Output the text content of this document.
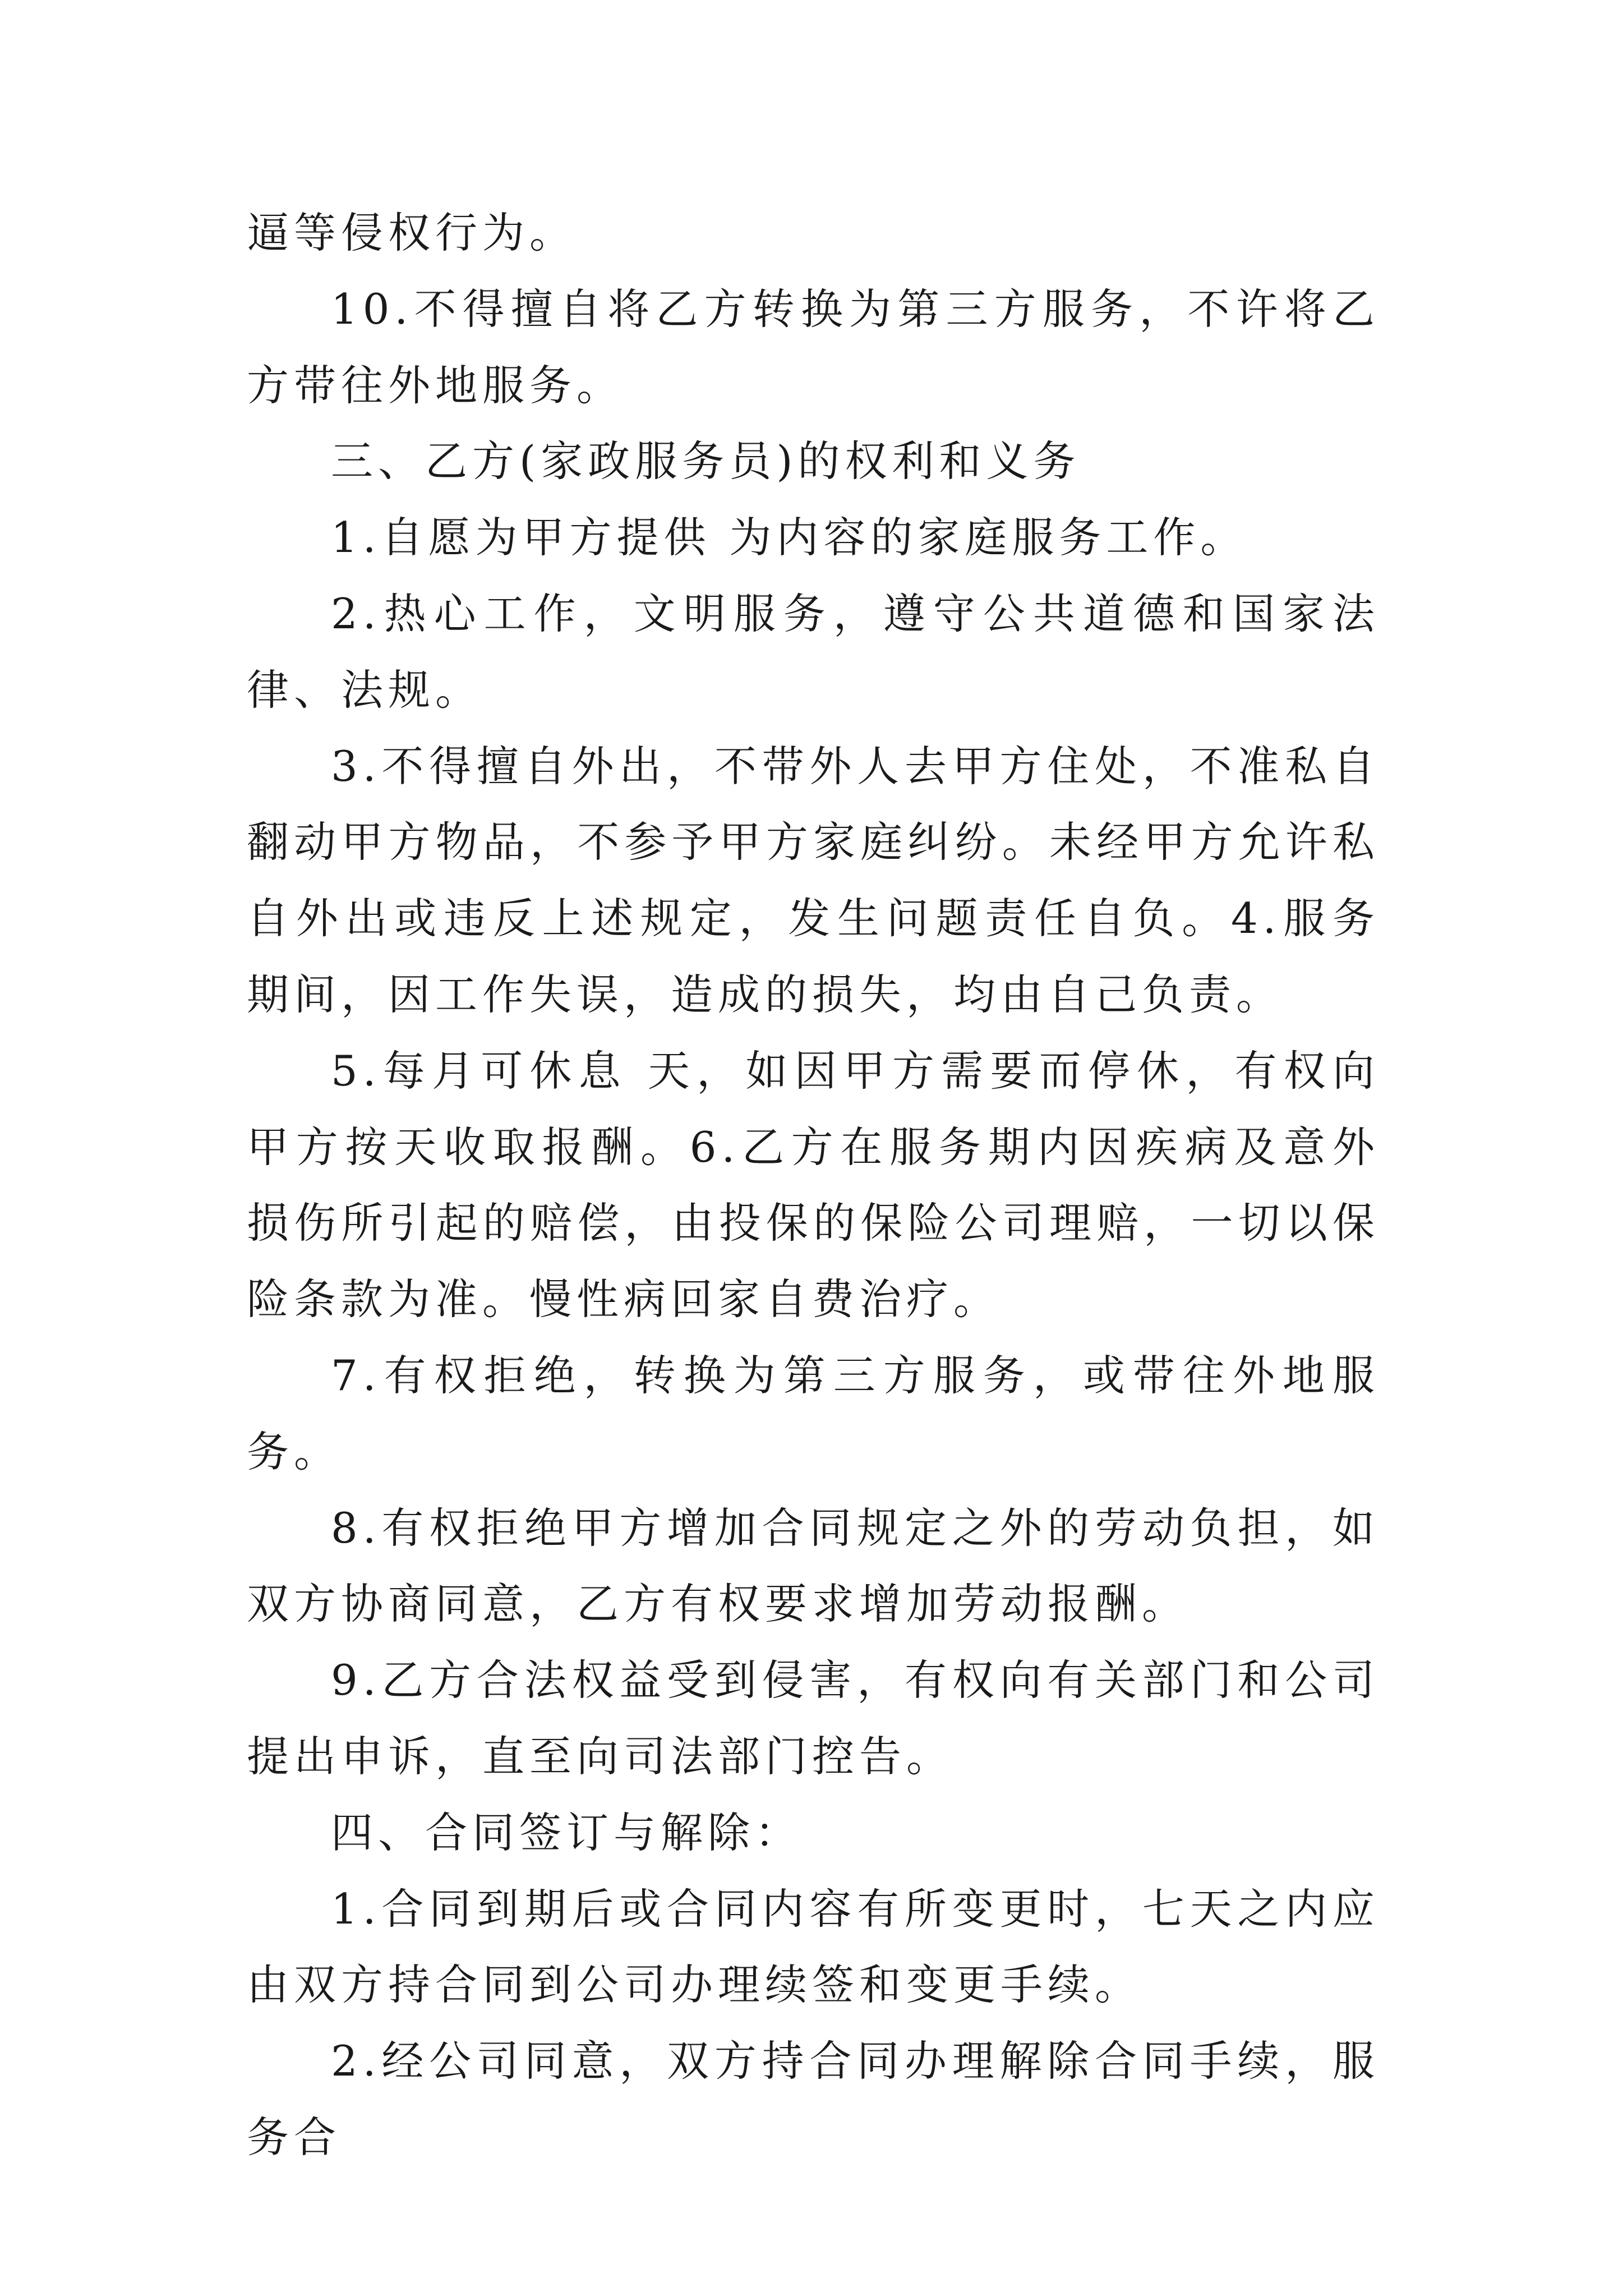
逼等侵权行为。

10.不得擅自将乙方转换为第三方服务，不许将乙方带往外地服务。

三、乙方(家政服务员)的权利和义务

1.自愿为甲方提供 为内容的家庭服务工作。

2.热心工作，文明服务，遵守公共道德和国家法律、法规。

3.不得擅自外出，不带外人去甲方住处，不准私自翻动甲方物品，不参予甲方家庭纠纷。未经甲方允许私自外出或违反上述规定，发生问题责任自负。4.服务期间，因工作失误，造成的损失，均由自己负责。

5.每月可休息 天，如因甲方需要而停休，有权向甲方按天收取报酬。6.乙方在服务期内因疾病及意外损伤所引起的赔偿，由投保的保险公司理赔，一切以保险条款为准。慢性病回家自费治疗。

7.有权拒绝，转换为第三方服务，或带往外地服务。

8.有权拒绝甲方增加合同规定之外的劳动负担，如双方协商同意，乙方有权要求增加劳动报酬。

9.乙方合法权益受到侵害，有权向有关部门和公司提出申诉，直至向司法部门控告。

四、合同签订与解除：

1.合同到期后或合同内容有所变更时，七天之内应由双方持合同到公司办理续签和变更手续。

2.经公司同意，双方持合同办理解除合同手续，服务合
